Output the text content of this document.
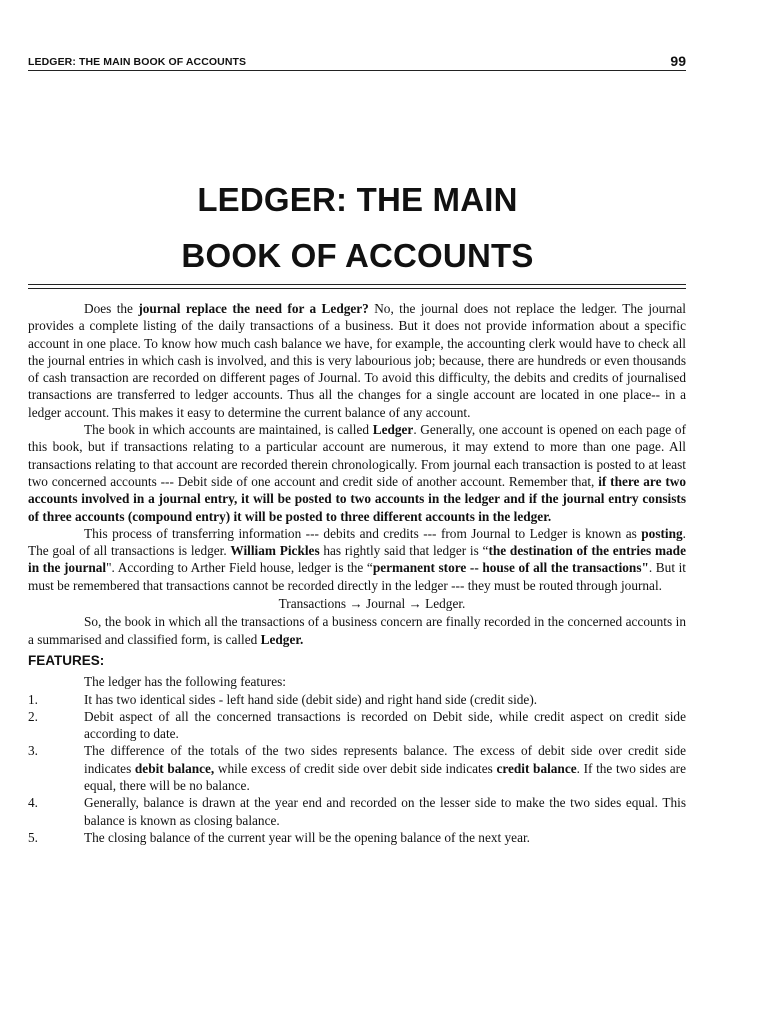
LEDGER: THE MAIN BOOK OF ACCOUNTS	99
LEDGER: THE MAIN
BOOK OF ACCOUNTS

Does the journal replace the need for a Ledger? No, the journal does not replace the ledger. The journal provides a complete listing of the daily transactions of a business. But it does not provide information about a specific account in one place. To know how much cash balance we have, for example, the accounting clerk would have to check all the journal entries in which cash is involved, and this is very labourious job; because, there are hundreds or even thousands of cash transaction are recorded on different pages of Journal. To avoid this difficulty, the debits and credits of journalised transactions are transferred to ledger accounts. Thus all the changes for a single account are located in one place-- in a ledger account. This makes it easy to determine the current balance of any account.

The book in which accounts are maintained, is called Ledger. Generally, one account is opened on each page of this book, but if transactions relating to a particular account are numerous, it may extend to more than one page. All transactions relating to that account are recorded therein chronologically. From journal each transaction is posted to at least two concerned accounts --- Debit side of one account and credit side of another account. Remember that, if there are two accounts involved in a journal entry, it will be posted to two accounts in the ledger and if the journal entry consists of three accounts (compound entry) it will be posted to three different accounts in the ledger.

This process of transferring information --- debits and credits --- from Journal to Ledger is known as posting. The goal of all transactions is ledger. William Pickles has rightly said that ledger is “the destination of the entries made in the journal". According to Arther Field house, ledger is the “permanent store -- house of all the transactions". But it must be remembered that transactions cannot be recorded directly in the ledger --- they must be routed through journal.

Transactions → Journal → Ledger.

So, the book in which all the transactions of a business concern are finally recorded in the concerned accounts in a summarised and classified form, is called Ledger.

FEATURES:

The ledger has the following features:

1.	It has two identical sides - left hand side (debit side) and right hand side (credit side).
2.	Debit aspect of all the concerned transactions is recorded on Debit side, while credit aspect on credit side according to date.
3.	The difference of the totals of the two sides represents balance. The excess of debit side over credit side indicates debit balance, while excess of credit side over debit side indicates credit balance. If the two sides are equal, there will be no balance.
4.	Generally, balance is drawn at the year end and recorded on the lesser side to make the two sides equal. This balance is known as closing balance.
5.	The closing balance of the current year will be the opening balance of the next year.
